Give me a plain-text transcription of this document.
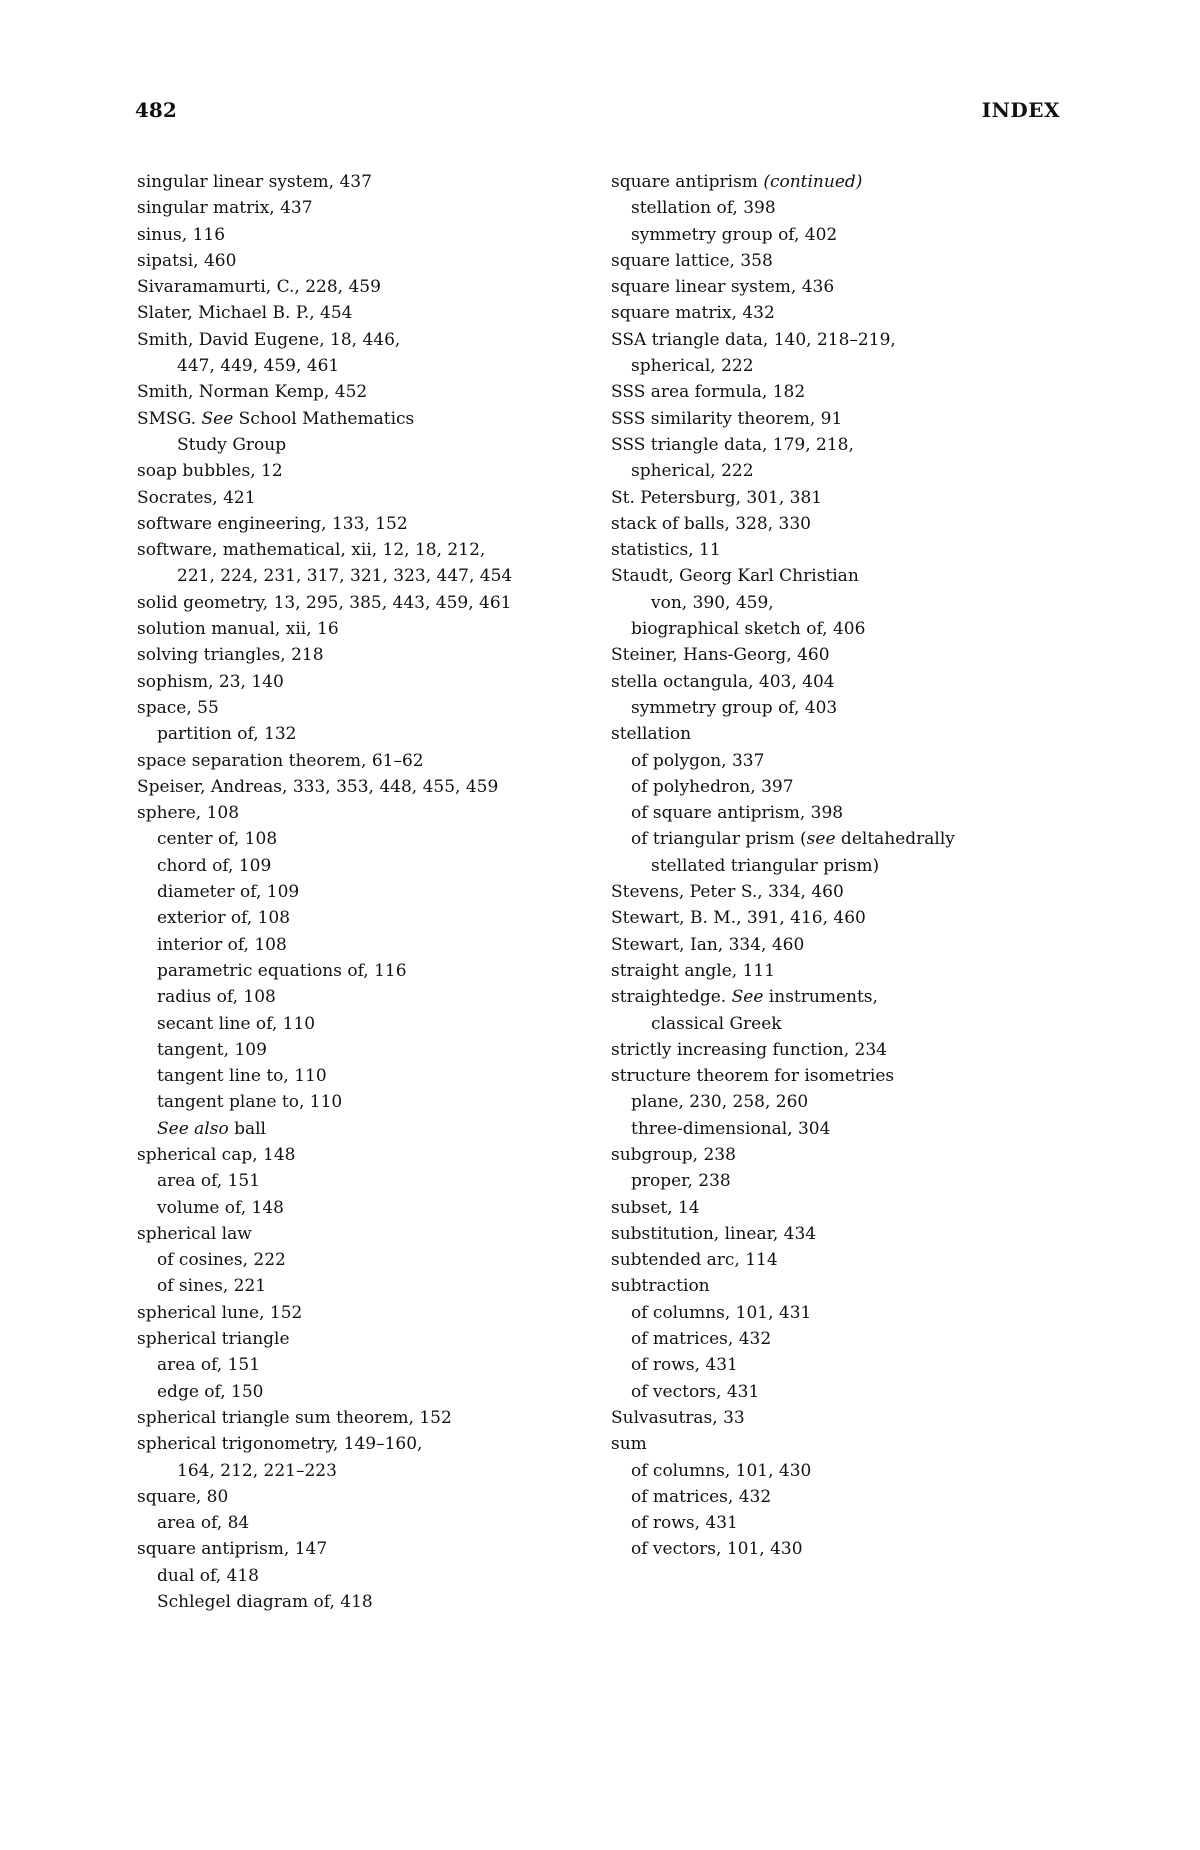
482	INDEX
singular linear system, 437
singular matrix, 437
sinus, 116
sipatsi, 460
Sivaramamurti, C., 228, 459
Slater, Michael B. P., 454
Smith, David Eugene, 18, 446,
447, 449, 459, 461
Smith, Norman Kemp, 452
SMSG. See School Mathematics
Study Group
soap bubbles, 12
Socrates, 421
software engineering, 133, 152
software, mathematical, xii, 12, 18, 212,
221, 224, 231, 317, 321, 323, 447, 454
solid geometry, 13, 295, 385, 443, 459, 461
solution manual, xii, 16
solving triangles, 218
sophism, 23, 140
space, 55
partition of, 132
space separation theorem, 61–62
Speiser, Andreas, 333, 353, 448, 455, 459
sphere, 108
center of, 108
chord of, 109
diameter of, 109
exterior of, 108
interior of, 108
parametric equations of, 116
radius of, 108
secant line of, 110
tangent, 109
tangent line to, 110
tangent plane to, 110
See also ball
spherical cap, 148
area of, 151
volume of, 148
spherical law
of cosines, 222
of sines, 221
spherical lune, 152
spherical triangle
area of, 151
edge of, 150
spherical triangle sum theorem, 152
spherical trigonometry, 149–160,
164, 212, 221–223
square, 80
area of, 84
square antiprism, 147
dual of, 418
Schlegel diagram of, 418
square antiprism (continued)
stellation of, 398
symmetry group of, 402
square lattice, 358
square linear system, 436
square matrix, 432
SSA triangle data, 140, 218–219,
spherical, 222
SSS area formula, 182
SSS similarity theorem, 91
SSS triangle data, 179, 218,
spherical, 222
St. Petersburg, 301, 381
stack of balls, 328, 330
statistics, 11
Staudt, Georg Karl Christian
von, 390, 459,
biographical sketch of, 406
Steiner, Hans-Georg, 460
stella octangula, 403, 404
symmetry group of, 403
stellation
of polygon, 337
of polyhedron, 397
of square antiprism, 398
of triangular prism (see deltahedrally
stellated triangular prism)
Stevens, Peter S., 334, 460
Stewart, B. M., 391, 416, 460
Stewart, Ian, 334, 460
straight angle, 111
straightedge. See instruments,
classical Greek
strictly increasing function, 234
structure theorem for isometries
plane, 230, 258, 260
three-dimensional, 304
subgroup, 238
proper, 238
subset, 14
substitution, linear, 434
subtended arc, 114
subtraction
of columns, 101, 431
of matrices, 432
of rows, 431
of vectors, 431
Sulvasutras, 33
sum
of columns, 101, 430
of matrices, 432
of rows, 431
of vectors, 101, 430
